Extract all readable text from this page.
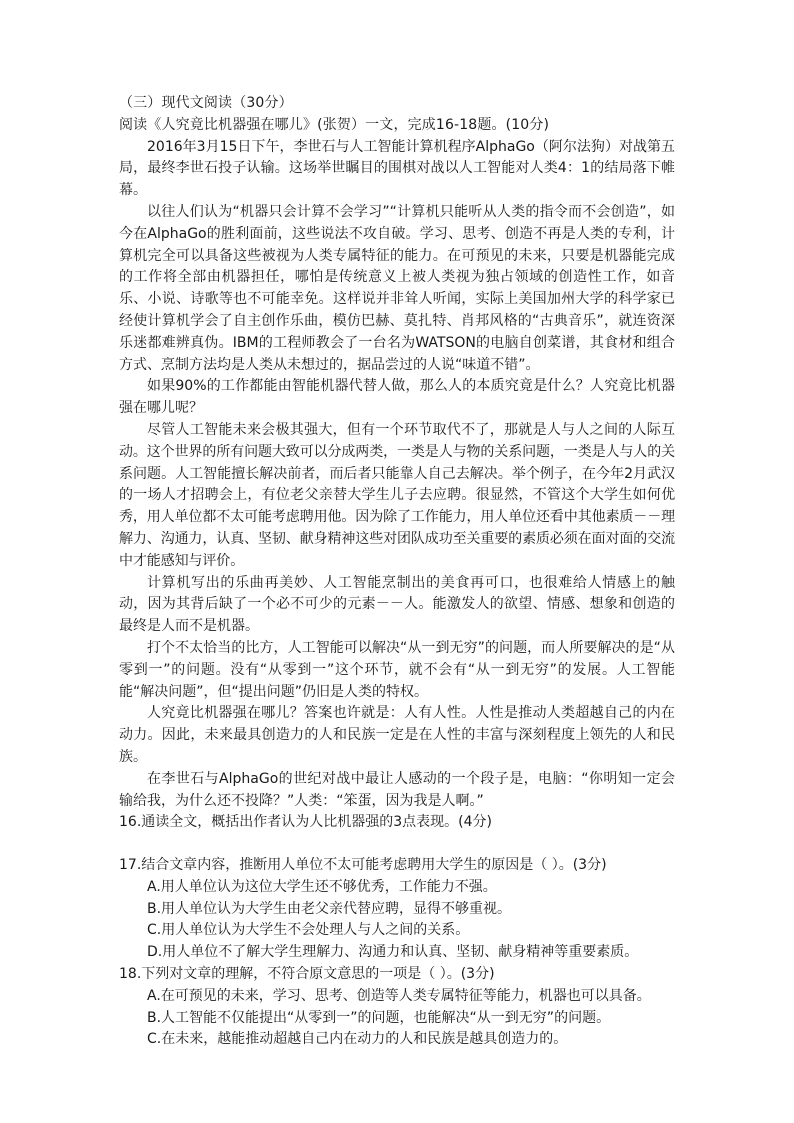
（三）现代文阅读（30分）
阅读《人究竟比机器强在哪儿》(张贺）一文，完成16-18题。(10分)

2016年3月15日下午，李世石与人工智能计算机程序AlphaGo（阿尔法狗）对战第五局，最终李世石投子认输。这场举世瞩目的围棋对战以人工智能对人类4：1的结局落下帷幕。

以往人们认为“机器只会计算不会学习”“计算机只能听从人类的指令而不会创造”，如今在AlphaGo的胜利面前，这些说法不攻自破。学习、思考、创造不再是人类的专利，计算机完全可以具备这些被视为人类专属特征的能力。在可预见的未来，只要是机器能完成的工作将全部由机器担任，哪怕是传统意义上被人类视为独占领域的创造性工作，如音乐、小说、诗歌等也不可能幸免。这样说并非耸人听闻，实际上美国加州大学的科学家已经使计算机学会了自主创作乐曲，模仿巴赫、莫扎特、肖邦风格的“古典音乐”，就连资深乐迷都难辨真伪。IBM的工程师教会了一台名为WATSON的电脑自创菜谱，其食材和组合方式、烹制方法均是人类从未想过的，据品尝过的人说“味道不错”。

如果90%的工作都能由智能机器代替人做，那么人的本质究竟是什么？人究竟比机器强在哪儿呢？

尽管人工智能未来会极其强大，但有一个环节取代不了，那就是人与人之间的人际互动。这个世界的所有问题大致可以分成两类，一类是人与物的关系问题，一类是人与人的关系问题。人工智能擅长解决前者，而后者只能靠人自己去解决。举个例子，在今年2月武汉的一场人才招聘会上，有位老父亲替大学生儿子去应聘。很显然，不管这个大学生如何优秀，用人单位都不太可能考虑聘用他。因为除了工作能力，用人单位还看中其他素质－－理解力、沟通力，认真、坚韧、献身精神这些对团队成功至关重要的素质必须在面对面的交流中才能感知与评价。

计算机写出的乐曲再美妙、人工智能烹制出的美食再可口，也很难给人情感上的触动，因为其背后缺了一个必不可少的元素－－人。能激发人的欲望、情感、想象和创造的最终是人而不是机器。

打个不太恰当的比方，人工智能可以解决“从一到无穷”的问题，而人所要解决的是“从零到一”的问题。没有“从零到一”这个环节，就不会有“从一到无穷”的发展。人工智能能“解决问题”，但“提出问题”仍旧是人类的特权。

人究竟比机器强在哪儿？答案也许就是：人有人性。人性是推动人类超越自己的内在动力。因此，未来最具创造力的人和民族一定是在人性的丰富与深刻程度上领先的人和民族。

在李世石与AlphaGo的世纪对战中最让人感动的一个段子是，电脑：“你明知一定会输给我，为什么还不投降？”人类：“笨蛋，因为我是人啊。”

16.通读全文，概括出作者认为人比机器强的3点表现。(4分)

17.结合文章内容，推断用人单位不太可能考虑聘用大学生的原因是（ ）。(3分)

A.用人单位认为这位大学生还不够优秀，工作能力不强。

B.用人单位认为大学生由老父亲代替应聘，显得不够重视。

C.用人单位认为大学生不会处理人与人之间的关系。

D.用人单位不了解大学生理解力、沟通力和认真、坚韧、献身精神等重要素质。

18.下列对文章的理解，不符合原文意思的一项是（ ）。(3分)

A.在可预见的未来，学习、思考、创造等人类专属特征等能力，机器也可以具备。

B.人工智能不仅能提出“从零到一”的问题，也能解决“从一到无穷”的问题。

C.在未来，越能推动超越自己内在动力的人和民族是越具创造力的。
